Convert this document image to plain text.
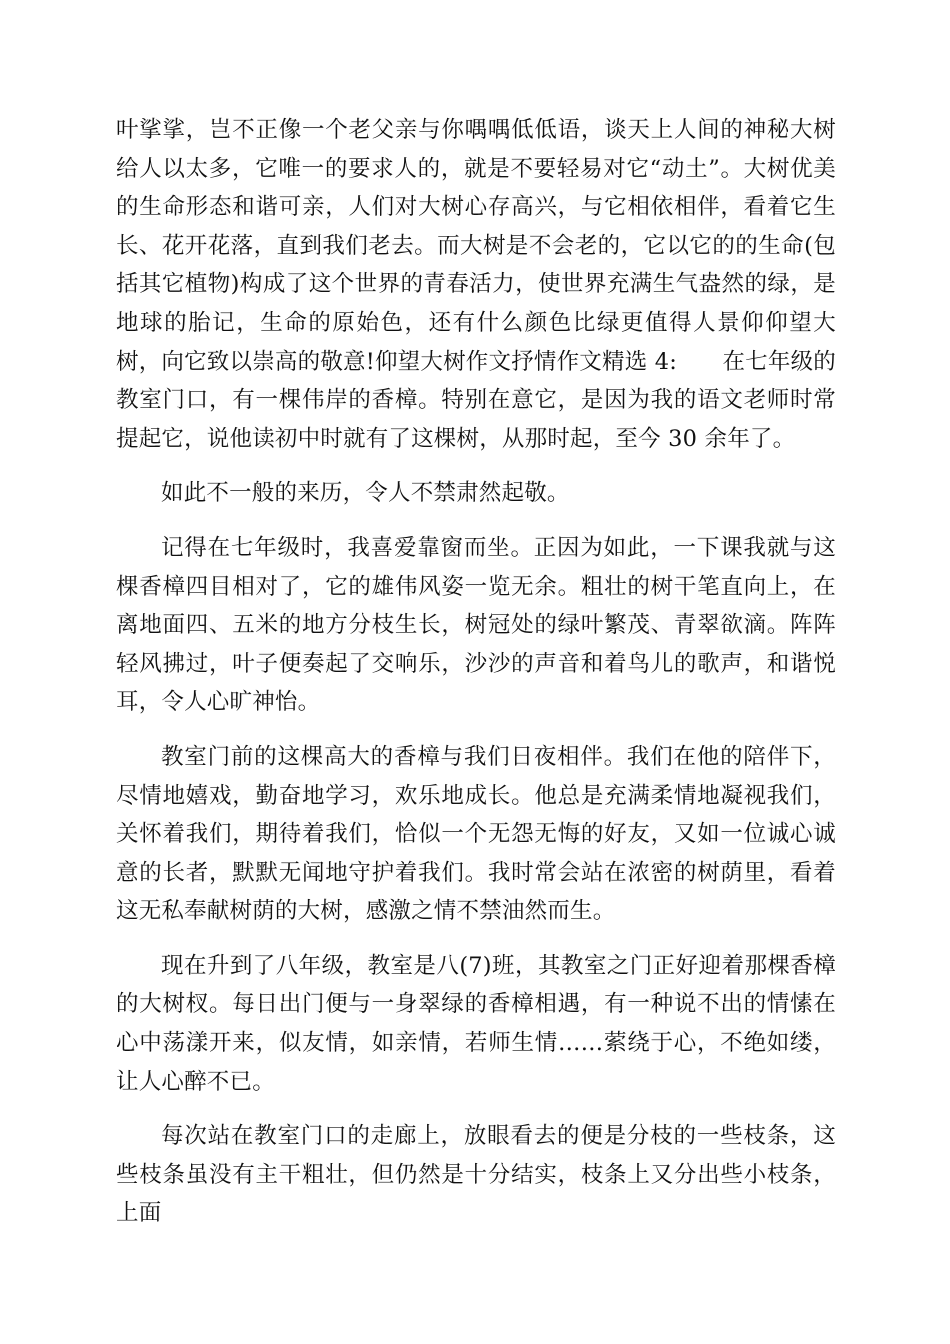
叶挲挲，岂不正像一个老父亲与你喁喁低低语，谈天上人间的神秘大树给人以太多，它唯一的要求人的，就是不要轻易对它“动土”。大树优美的生命形态和谐可亲，人们对大树心存高兴，与它相依相伴，看着它生长、花开花落，直到我们老去。而大树是不会老的，它以它的的生命(包括其它植物)构成了这个世界的青春活力，使世界充满生气盎然的绿，是地球的胎记，生命的原始色，还有什么颜色比绿更值得人景仰仰望大树，向它致以崇高的敬意!仰望大树作文抒情作文精选 4:　　在七年级的教室门口，有一棵伟岸的香樟。特别在意它，是因为我的语文老师时常提起它，说他读初中时就有了这棵树，从那时起，至今 30 余年了。

如此不一般的来历，令人不禁肃然起敬。

记得在七年级时，我喜爱靠窗而坐。正因为如此，一下课我就与这棵香樟四目相对了，它的雄伟风姿一览无余。粗壮的树干笔直向上，在离地面四、五米的地方分枝生长，树冠处的绿叶繁茂、青翠欲滴。阵阵轻风拂过，叶子便奏起了交响乐，沙沙的声音和着鸟儿的歌声，和谐悦耳，令人心旷神怡。

教室门前的这棵高大的香樟与我们日夜相伴。我们在他的陪伴下，尽情地嬉戏，勤奋地学习，欢乐地成长。他总是充满柔情地凝视我们，关怀着我们，期待着我们，恰似一个无怨无悔的好友，又如一位诚心诚意的长者，默默无闻地守护着我们。我时常会站在浓密的树荫里，看着这无私奉献树荫的大树，感激之情不禁油然而生。

现在升到了八年级，教室是八(7)班，其教室之门正好迎着那棵香樟的大树杈。每日出门便与一身翠绿的香樟相遇，有一种说不出的情愫在心中荡漾开来，似友情，如亲情，若师生情……萦绕于心，不绝如缕，让人心醉不已。

每次站在教室门口的走廊上，放眼看去的便是分枝的一些枝条，这些枝条虽没有主干粗壮，但仍然是十分结实，枝条上又分出些小枝条，上面
